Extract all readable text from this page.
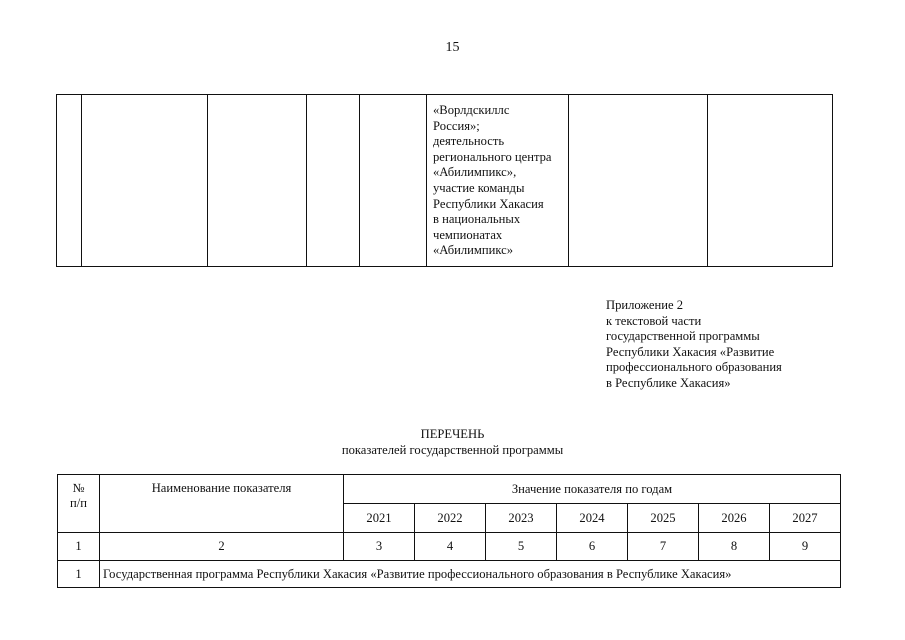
15

«Ворлдскиллс
Россия»;
деятельность
регионального центра
«Абилимпикс»,
участие команды
Республики Хакасия
в национальных
чемпионатах
«Абилимпикс»

Приложение 2
к текстовой части
государственной программы
Республики Хакасия «Развитие
профессионального образования
в Республике Хакасия»
ПЕРЕЧЕНЬ
показателей государственной программы
№
п/п	Наименование показателя	Значение показателя по годам						
		2021	2022	2023	2024	2025	2026	2027
1	2	3	4	5	6	7	8	9
1	Государственная программа Республики Хакасия «Развитие профессионального образования в Республике Хакасия»							
